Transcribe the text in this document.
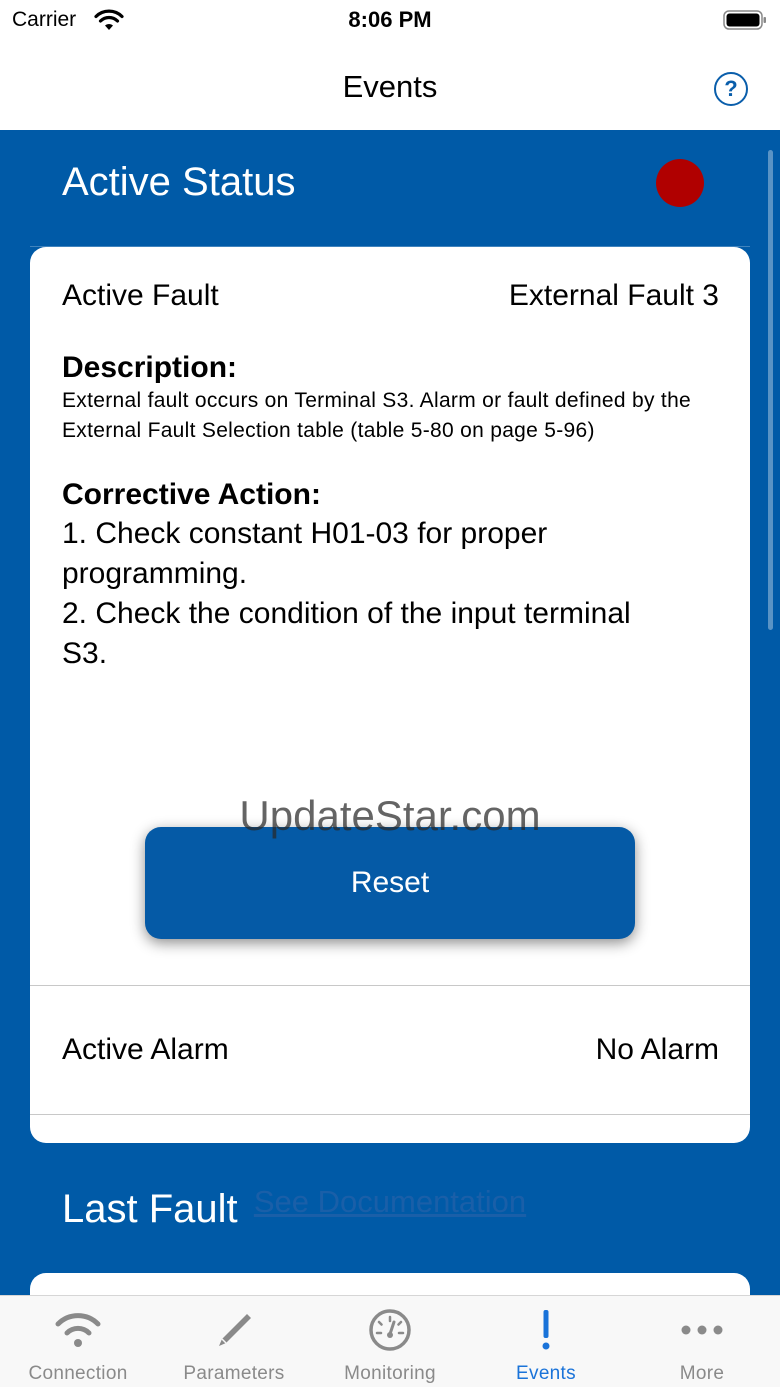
Carrier	8:06 PM
Events	?
Active Status
Active Fault	External Fault 3
Description:
External fault occurs on Terminal S3. Alarm or fault defined by the External Fault Selection table (table 5-80 on page 5-96)
Corrective Action:
1. Check constant H01-03 for proper programming.
2. Check the condition of the input terminal S3.
UpdateStar.com
Reset
Active Alarm	No Alarm
See Documentation
Last Fault
Connection	Parameters	Monitoring	Events	More
